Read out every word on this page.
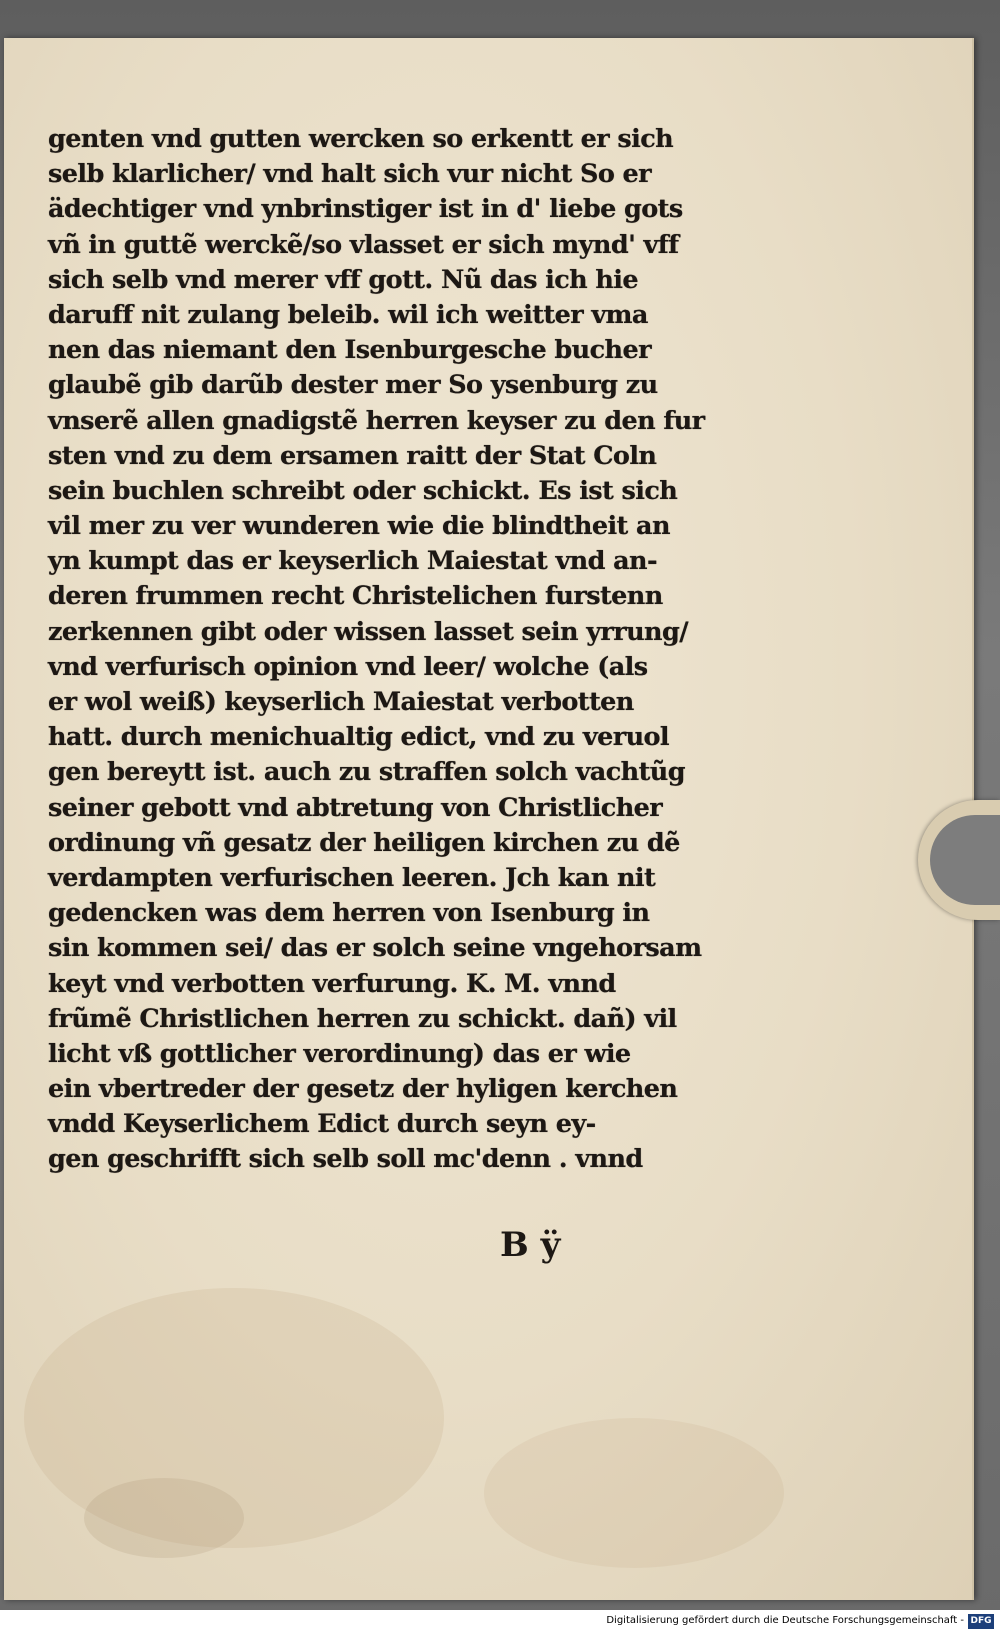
genten vnd gutten wercken so erkentt er sich
selb klarlicher/ vnd halt sich vur nicht So er
ädechtiger vnd ynbrinstiger ist in d' liebe gots
vñ in guttẽ werckẽ/so vlasset er sich mynd' vff
sich selb vnd merer vff gott. Nũ das ich hie
daruff nit zulang beleib. wil ich weitter vma
nen das niemant den Isenburgesche bucher
glaubẽ gib darũb dester mer So ysenburg zu
vnserẽ allen gnadigstẽ herren keyser zu den fur
sten vnd zu dem ersamen raitt der Stat Coln
sein buchlen schreibt oder schickt. Es ist sich
vil mer zu ver wunderen wie die blindtheit an
yn kumpt das er keyserlich Maiestat vnd an-
deren frummen recht Christelichen furstenn
zerkennen gibt oder wissen lasset sein yrrung/
vnd verfurisch opinion vnd leer/ wolche (als
er wol weiß) keyserlich Maiestat verbotten
hatt. durch menichualtig edict, vnd zu veruol
gen bereytt ist. auch zu straffen solch vachtũg
seiner gebott vnd abtretung von Christlicher
ordinung vñ gesatz der heiligen kirchen zu dẽ
verdampten verfurischen leeren. Jch kan nit
gedencken was dem herren von Isenburg in
sin kommen sei/ das er solch seine vngehorsam
keyt vnd verbotten verfurung. K. M. vnnd
frũmẽ Christlichen herren zu schickt. dañ) vil
licht vß gottlicher verordinung) das er wie
ein vbertreder der gesetz der hyligen kerchen
vndd Keyserlichem Edict durch seyn ey-
gen geschrifft sich selb soll mc'denn . vnnd
B ÿ
Digitalisierung gefördert durch die Deutsche Forschungsgemeinschaft - DFG
